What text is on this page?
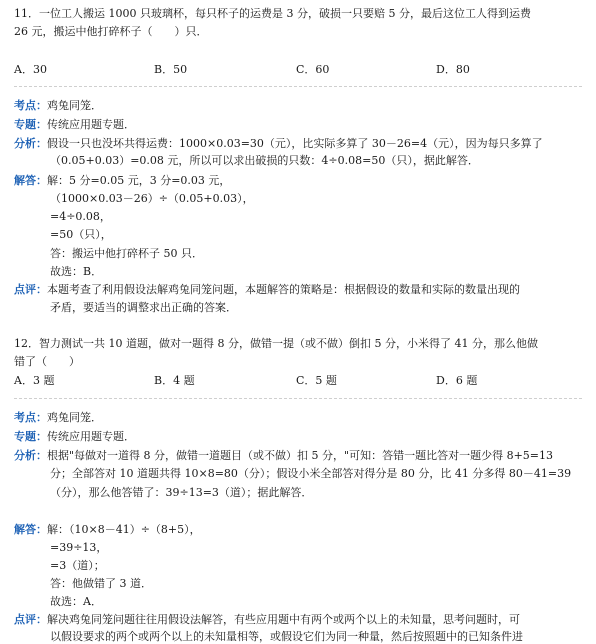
11．一位工人搬运 1000 只玻璃杯，每只杯子的运费是 3 分，破损一只要赔 5 分，最后这位工人得到运费
26 元，搬运中他打碎杯子（　　）只．
A．30	B．50	C．60	D．80
考点：鸡兔同笼．
专题：传统应用题专题．
分析：假设一只也没坏共得运费：1000×0.03=30（元），比实际多算了 30－26=4（元），因为每只多算了
（0.05+0.03）=0.08 元，所以可以求出破损的只数：4÷0.08=50（只），据此解答．
解答：解：5 分=0.05 元，3 分=0.03 元，
（1000×0.03－26）÷（0.05+0.03），
=4÷0.08，
=50（只），
答：搬运中他打碎杯子 50 只．
故选：B．
点评：本题考查了利用假设法解鸡兔同笼问题，本题解答的策略是：根据假设的数量和实际的数量出现的
矛盾，要适当的调整求出正确的答案．
12．智力测试一共 10 道题，做对一题得 8 分，做错一提（或不做）倒扣 5 分，小米得了 41 分，那么他做
错了（　　）
A．3 题	B．4 题	C．5 题	D．6 题
考点：鸡兔同笼．
专题：传统应用题专题．
分析：根据"每做对一道得 8 分，做错一道题目（或不做）扣 5 分，"可知：答错一题比答对一题少得 8+5=13
分；全部答对 10 道题共得 10×8=80（分）；假设小米全部答对得分是 80 分，比 41 分多得 80－41=39
（分），那么他答错了：39÷13=3（道）；据此解答．
解答：解：（10×8－41）÷（8+5），
=39÷13，
=3（道）；
答：他做错了 3 道．
故选：A．
点评：解决鸡兔同笼问题往往用假设法解答，有些应用题中有两个或两个以上的未知量，思考问题时，可
以假设要求的两个或两个以上的未知量相等，或假设它们为同一种量，然后按照题中的已知条件进
